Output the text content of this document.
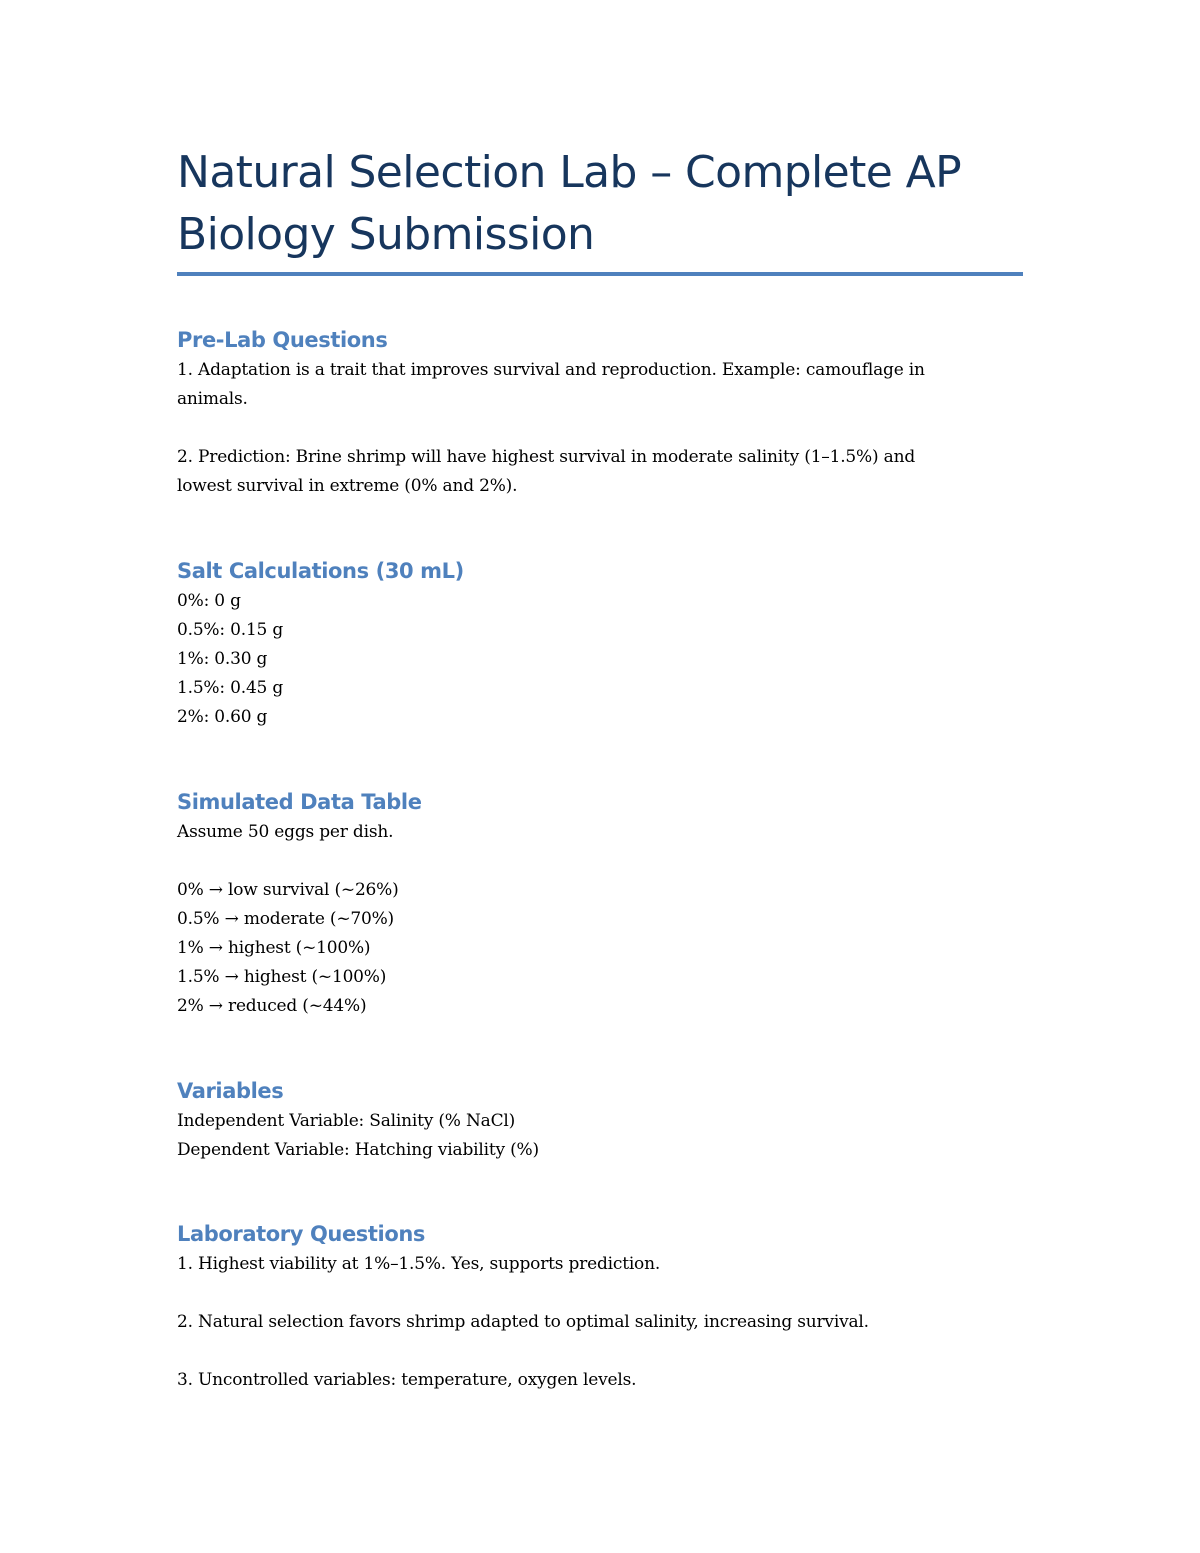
Natural Selection Lab – Complete AP Biology Submission
Pre-Lab Questions
1. Adaptation is a trait that improves survival and reproduction. Example: camouflage in
animals.
2. Prediction: Brine shrimp will have highest survival in moderate salinity (1–1.5%) and
lowest survival in extreme (0% and 2%).
Salt Calculations (30 mL)
0%: 0 g
0.5%: 0.15 g
1%: 0.30 g
1.5%: 0.45 g
2%: 0.60 g
Simulated Data Table
Assume 50 eggs per dish.
0% → low survival (~26%)
0.5% → moderate (~70%)
1% → highest (~100%)
1.5% → highest (~100%)
2% → reduced (~44%)
Variables
Independent Variable: Salinity (% NaCl)
Dependent Variable: Hatching viability (%)
Laboratory Questions
1. Highest viability at 1%–1.5%. Yes, supports prediction.
2. Natural selection favors shrimp adapted to optimal salinity, increasing survival.
3. Uncontrolled variables: temperature, oxygen levels.
